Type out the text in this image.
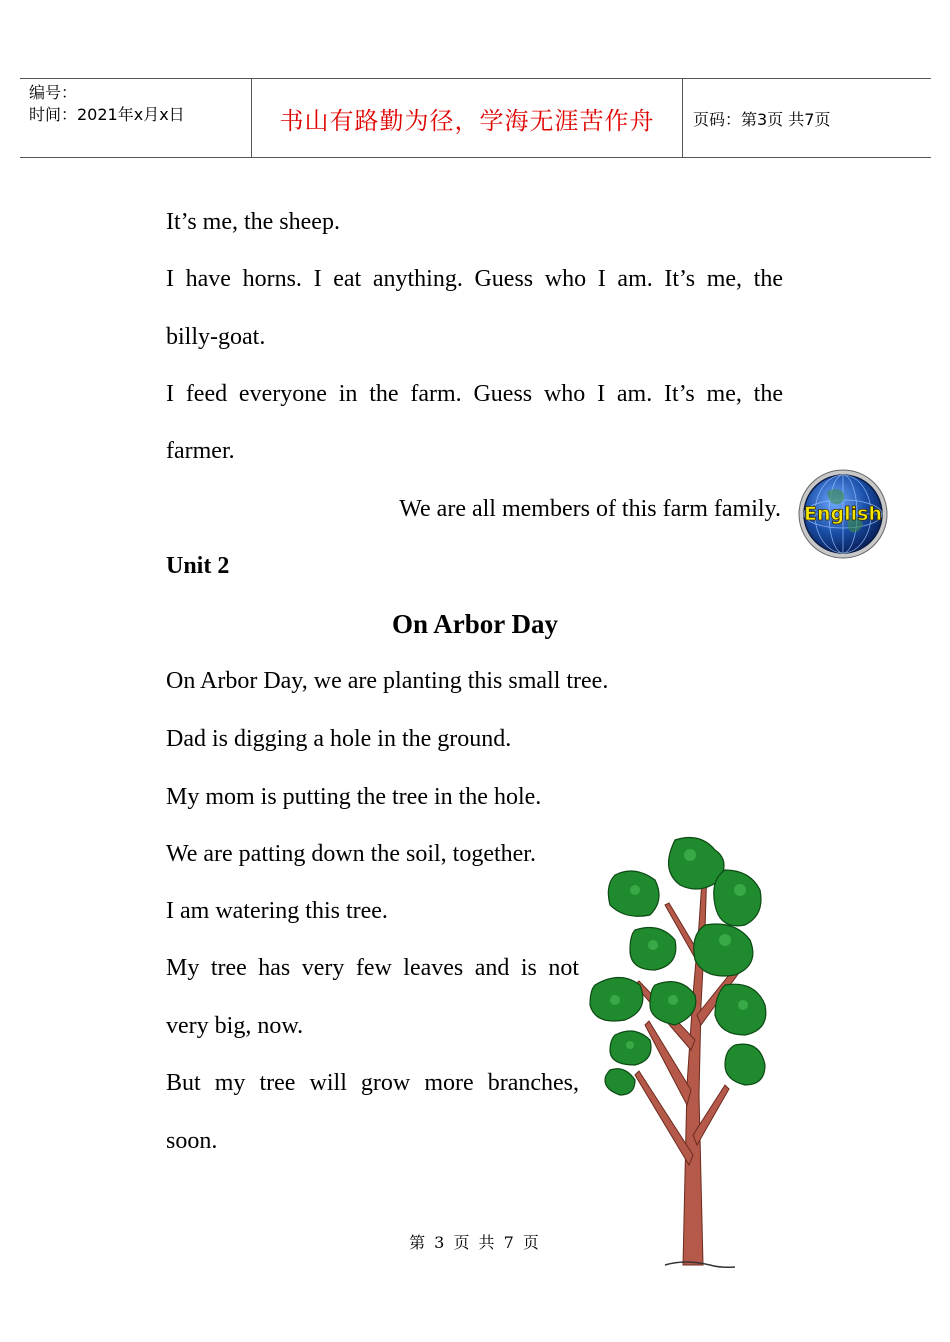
编号：
时间：2021年x月x日	书山有路勤为径，学海无涯苦作舟	页码：第3页 共7页
It’s me, the sheep.
I have horns. I eat anything. Guess who I am. It’s me, the
billy-goat.
I feed everyone in the farm. Guess who I am. It’s me, the
farmer.
We are all members of this farm family.
Unit 2
On Arbor Day
On Arbor Day, we are planting this small tree.
Dad is digging a hole in the ground.
My mom is putting the tree in the hole.
We are patting down the soil, together.
I am watering this tree.
My tree has very few leaves and is not
very big, now.
But my tree will grow more branches,
soon.
English
第 3 页 共 7 页
